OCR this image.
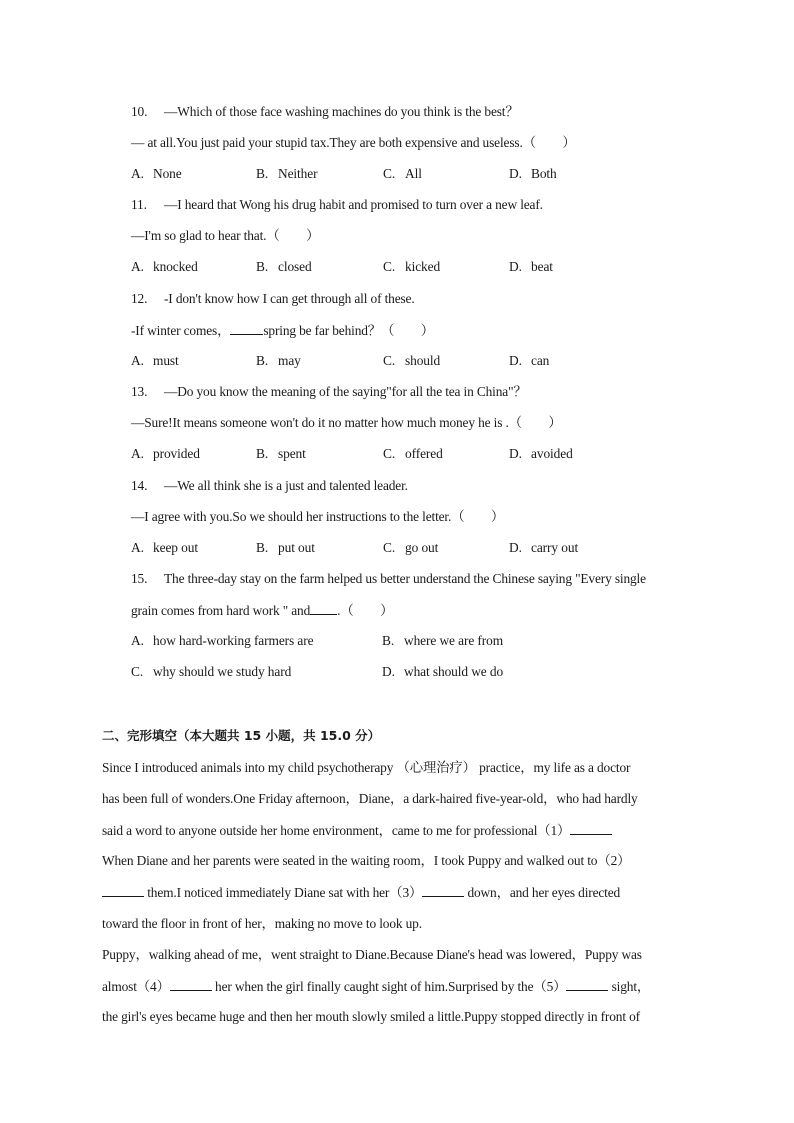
10. —Which of those face washing machines do you think is the best？
— at all.You just paid your stupid tax.They are both expensive and useless.（　　）
A. None	B. Neither	C. All	D. Both
11. —I heard that Wong his drug habit and promised to turn over a new leaf.
—I'm so glad to hear that.（　　）
A. knocked	B. closed	C. kicked	D. beat
12. -I don't know how I can get through all of these.
-If winter comes， spring be far behind？（　　）
A. must	B. may	C. should	D. can
13. —Do you know the meaning of the saying"for all the tea in China"？
—Sure!It means someone won't do it no matter how much money he is .（　　）
A. provided	B. spent	C. offered	D. avoided
14. —We all think she is a just and talented leader.
—I agree with you.So we should her instructions to the letter.（　　）
A. keep out	B. put out	C. go out	D. carry out
15. The three-day stay on the farm helped us better understand the Chinese saying "Every single
grain comes from hard work " and .（　　）
A. how hard-working farmers are	B. where we are from
C. why should we study hard	D. what should we do
二、完形填空（本大题共 15 小题，共 15.0 分）
Since I introduced animals into my child psychotherapy （心理治疗） practice，my life as a doctor
has been full of wonders.One Friday afternoon，Diane，a dark-haired five-year-old，who had hardly
said a word to anyone outside her home environment，came to me for professional（1）
When Diane and her parents were seated in the waiting room，I took Puppy and walked out to（2）
them.I noticed immediately Diane sat with her（3）	down，and her eyes directed
toward the floor in front of her，making no move to look up.
Puppy，walking ahead of me，went straight to Diane.Because Diane's head was lowered，Puppy was
almost（4）	her when the girl finally caught sight of him.Surprised by the（5）	sight，
the girl's eyes became huge and then her mouth slowly smiled a little.Puppy stopped directly in front of
